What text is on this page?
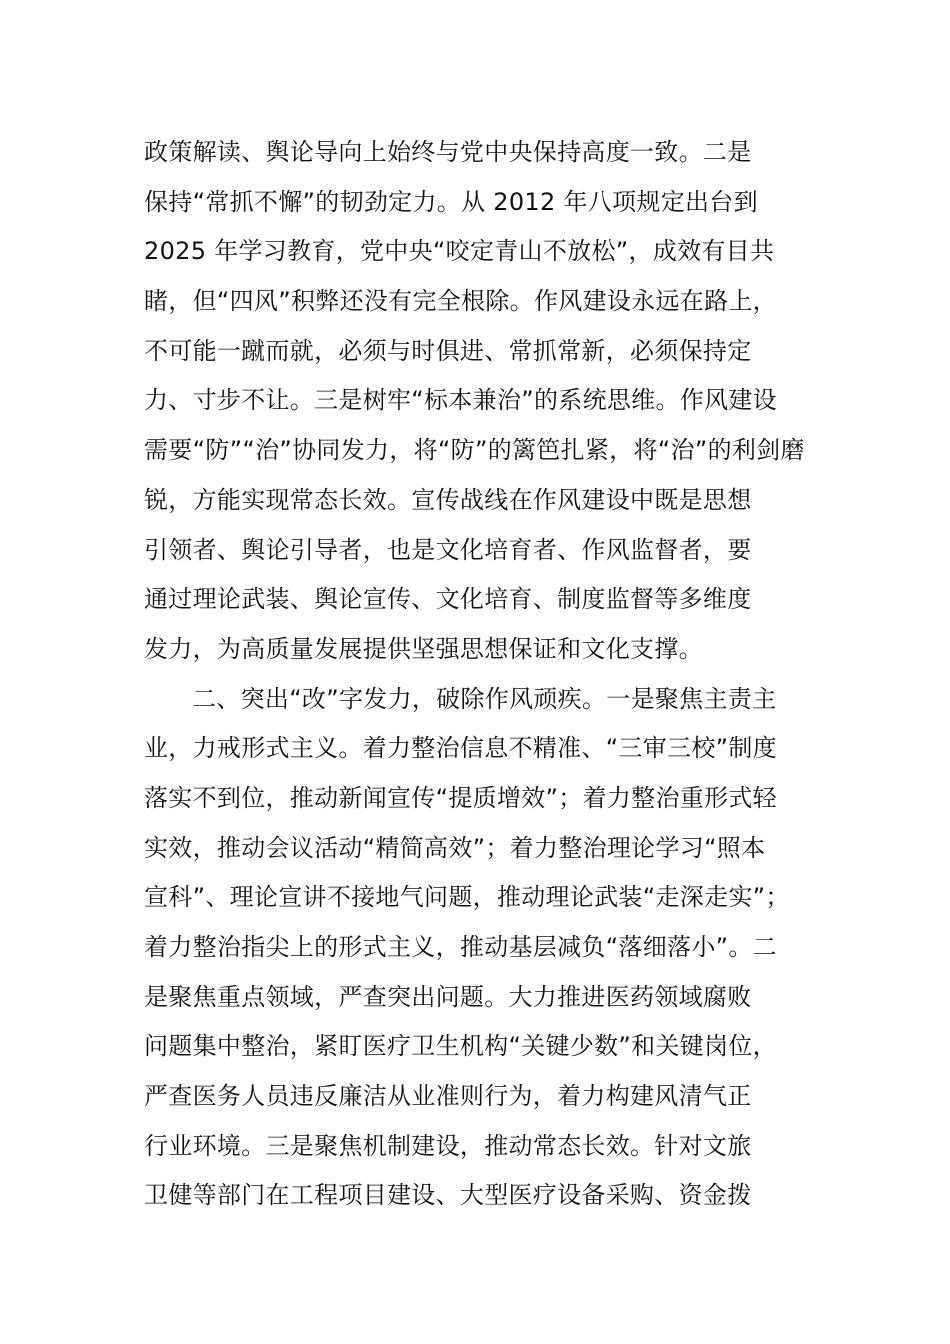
政策解读、舆论导向上始终与党中央保持高度一致。二是
保持“常抓不懈”的韧劲定力。从 2012 年八项规定出台到
2025 年学习教育，党中央“咬定青山不放松”，成效有目共
睹，但“四风”积弊还没有完全根除。作风建设永远在路上，
不可能一蹴而就，必须与时俱进、常抓常新，必须保持定
力、寸步不让。三是树牢“标本兼治”的系统思维。作风建设
需要“防”“治”协同发力，将“防”的篱笆扎紧，将“治”的利剑磨
锐，方能实现常态长效。宣传战线在作风建设中既是思想
引领者、舆论引导者，也是文化培育者、作风监督者，要
通过理论武装、舆论宣传、文化培育、制度监督等多维度
发力，为高质量发展提供坚强思想保证和文化支撑。
二、突出“改”字发力，破除作风顽疾。一是聚焦主责主
业，力戒形式主义。着力整治信息不精准、“三审三校”制度
落实不到位，推动新闻宣传“提质增效”；着力整治重形式轻
实效，推动会议活动“精简高效”；着力整治理论学习“照本
宣科”、理论宣讲不接地气问题，推动理论武装“走深走实”；
着力整治指尖上的形式主义，推动基层减负“落细落小”。二
是聚焦重点领域，严查突出问题。大力推进医药领域腐败
问题集中整治，紧盯医疗卫生机构“关键少数”和关键岗位，
严查医务人员违反廉洁从业准则行为，着力构建风清气正
行业环境。三是聚焦机制建设，推动常态长效。针对文旅
卫健等部门在工程项目建设、大型医疗设备采购、资金拨
